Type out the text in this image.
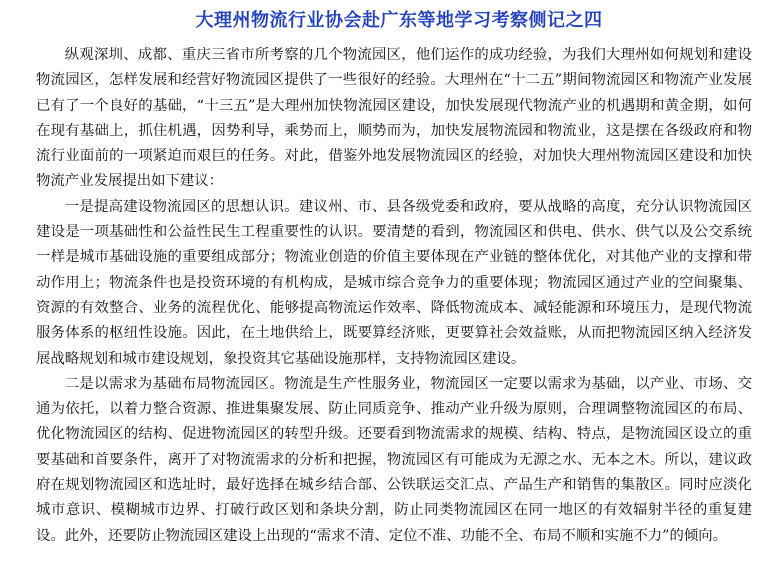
大理州物流行业协会赴广东等地学习考察侧记之四

纵观深圳、成都、重庆三省市所考察的几个物流园区，他们运作的成功经验，为我们大理州如何规划和建设物流园区，怎样发展和经营好物流园区提供了一些很好的经验。大理州在“十二五”期间物流园区和物流产业发展已有了一个良好的基础，“十三五”是大理州加快物流园区建设，加快发展现代物流产业的机遇期和黄金期，如何在现有基础上，抓住机遇，因势利导，乘势而上，顺势而为，加快发展物流园和物流业，这是摆在各级政府和物流行业面前的一项紧迫而艰巨的任务。对此，借鉴外地发展物流园区的经验，对加快大理州物流园区建设和加快物流产业发展提出如下建议：

一是提高建设物流园区的思想认识。建议州、市、县各级党委和政府，要从战略的高度，充分认识物流园区建设是一项基础性和公益性民生工程重要性的认识。要清楚的看到，物流园区和供电、供水、供气以及公交系统一样是城市基础设施的重要组成部分；物流业创造的价值主要体现在产业链的整体优化，对其他产业的支撑和带动作用上；物流条件也是投资环境的有机构成，是城市综合竞争力的重要体现；物流园区通过产业的空间聚集、资源的有效整合、业务的流程优化、能够提高物流运作效率、降低物流成本、减轻能源和环境压力，是现代物流服务体系的枢纽性设施。因此，在土地供给上，既要算经济账，更要算社会效益账，从而把物流园区纳入经济发展战略规划和城市建设规划，象投资其它基础设施那样，支持物流园区建设。

二是以需求为基础布局物流园区。物流是生产性服务业，物流园区一定要以需求为基础，以产业、市场、交通为依托，以着力整合资源、推进集聚发展、防止同质竞争、推动产业升级为原则，合理调整物流园区的布局、优化物流园区的结构、促进物流园区的转型升级。还要看到物流需求的规模、结构、特点，是物流园区设立的重要基础和首要条件，离开了对物流需求的分析和把握，物流园区有可能成为无源之水、无本之木。所以，建议政府在规划物流园区和选址时，最好选择在城乡结合部、公铁联运交汇点、产品生产和销售的集散区。同时应淡化城市意识、模糊城市边界、打破行政区划和条块分割，防止同类物流园区在同一地区的有效辐射半径的重复建设。此外，还要防止物流园区建设上出现的“需求不清、定位不准、功能不全、布局不顺和实施不力”的倾向。
